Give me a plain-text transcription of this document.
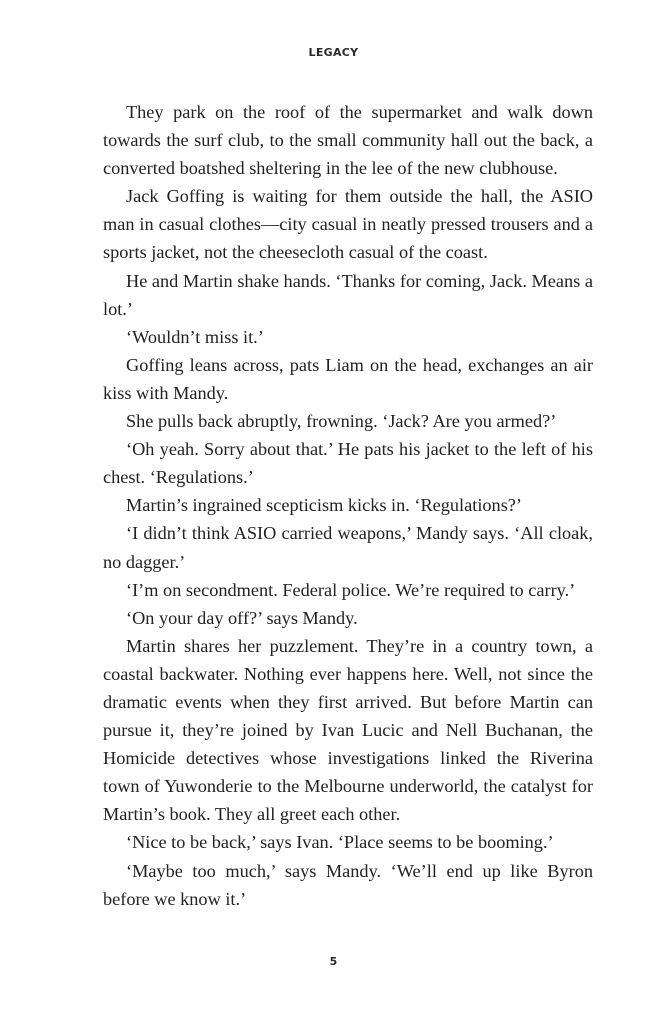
LEGACY

They park on the roof of the supermarket and walk down towards the surf club, to the small community hall out the back, a converted boatshed sheltering in the lee of the new clubhouse.

Jack Goffing is waiting for them outside the hall, the ASIO man in casual clothes—city casual in neatly pressed trousers and a sports jacket, not the cheesecloth casual of the coast.

He and Martin shake hands. ‘Thanks for coming, Jack. Means a lot.’

‘Wouldn’t miss it.’

Goffing leans across, pats Liam on the head, exchanges an air kiss with Mandy.

She pulls back abruptly, frowning. ‘Jack? Are you armed?’

‘Oh yeah. Sorry about that.’ He pats his jacket to the left of his chest. ‘Regulations.’

Martin’s ingrained scepticism kicks in. ‘Regulations?’

‘I didn’t think ASIO carried weapons,’ Mandy says. ‘All cloak, no dagger.’

‘I’m on secondment. Federal police. We’re required to carry.’

‘On your day off?’ says Mandy.

Martin shares her puzzlement. They’re in a country town, a coastal backwater. Nothing ever happens here. Well, not since the dramatic events when they first arrived. But before Martin can pursue it, they’re joined by Ivan Lucic and Nell Buchanan, the Homicide detectives whose investigations linked the Riverina town of Yuwonderie to the Melbourne underworld, the catalyst for Martin’s book. They all greet each other.

‘Nice to be back,’ says Ivan. ‘Place seems to be booming.’

‘Maybe too much,’ says Mandy. ‘We’ll end up like Byron before we know it.’

5
